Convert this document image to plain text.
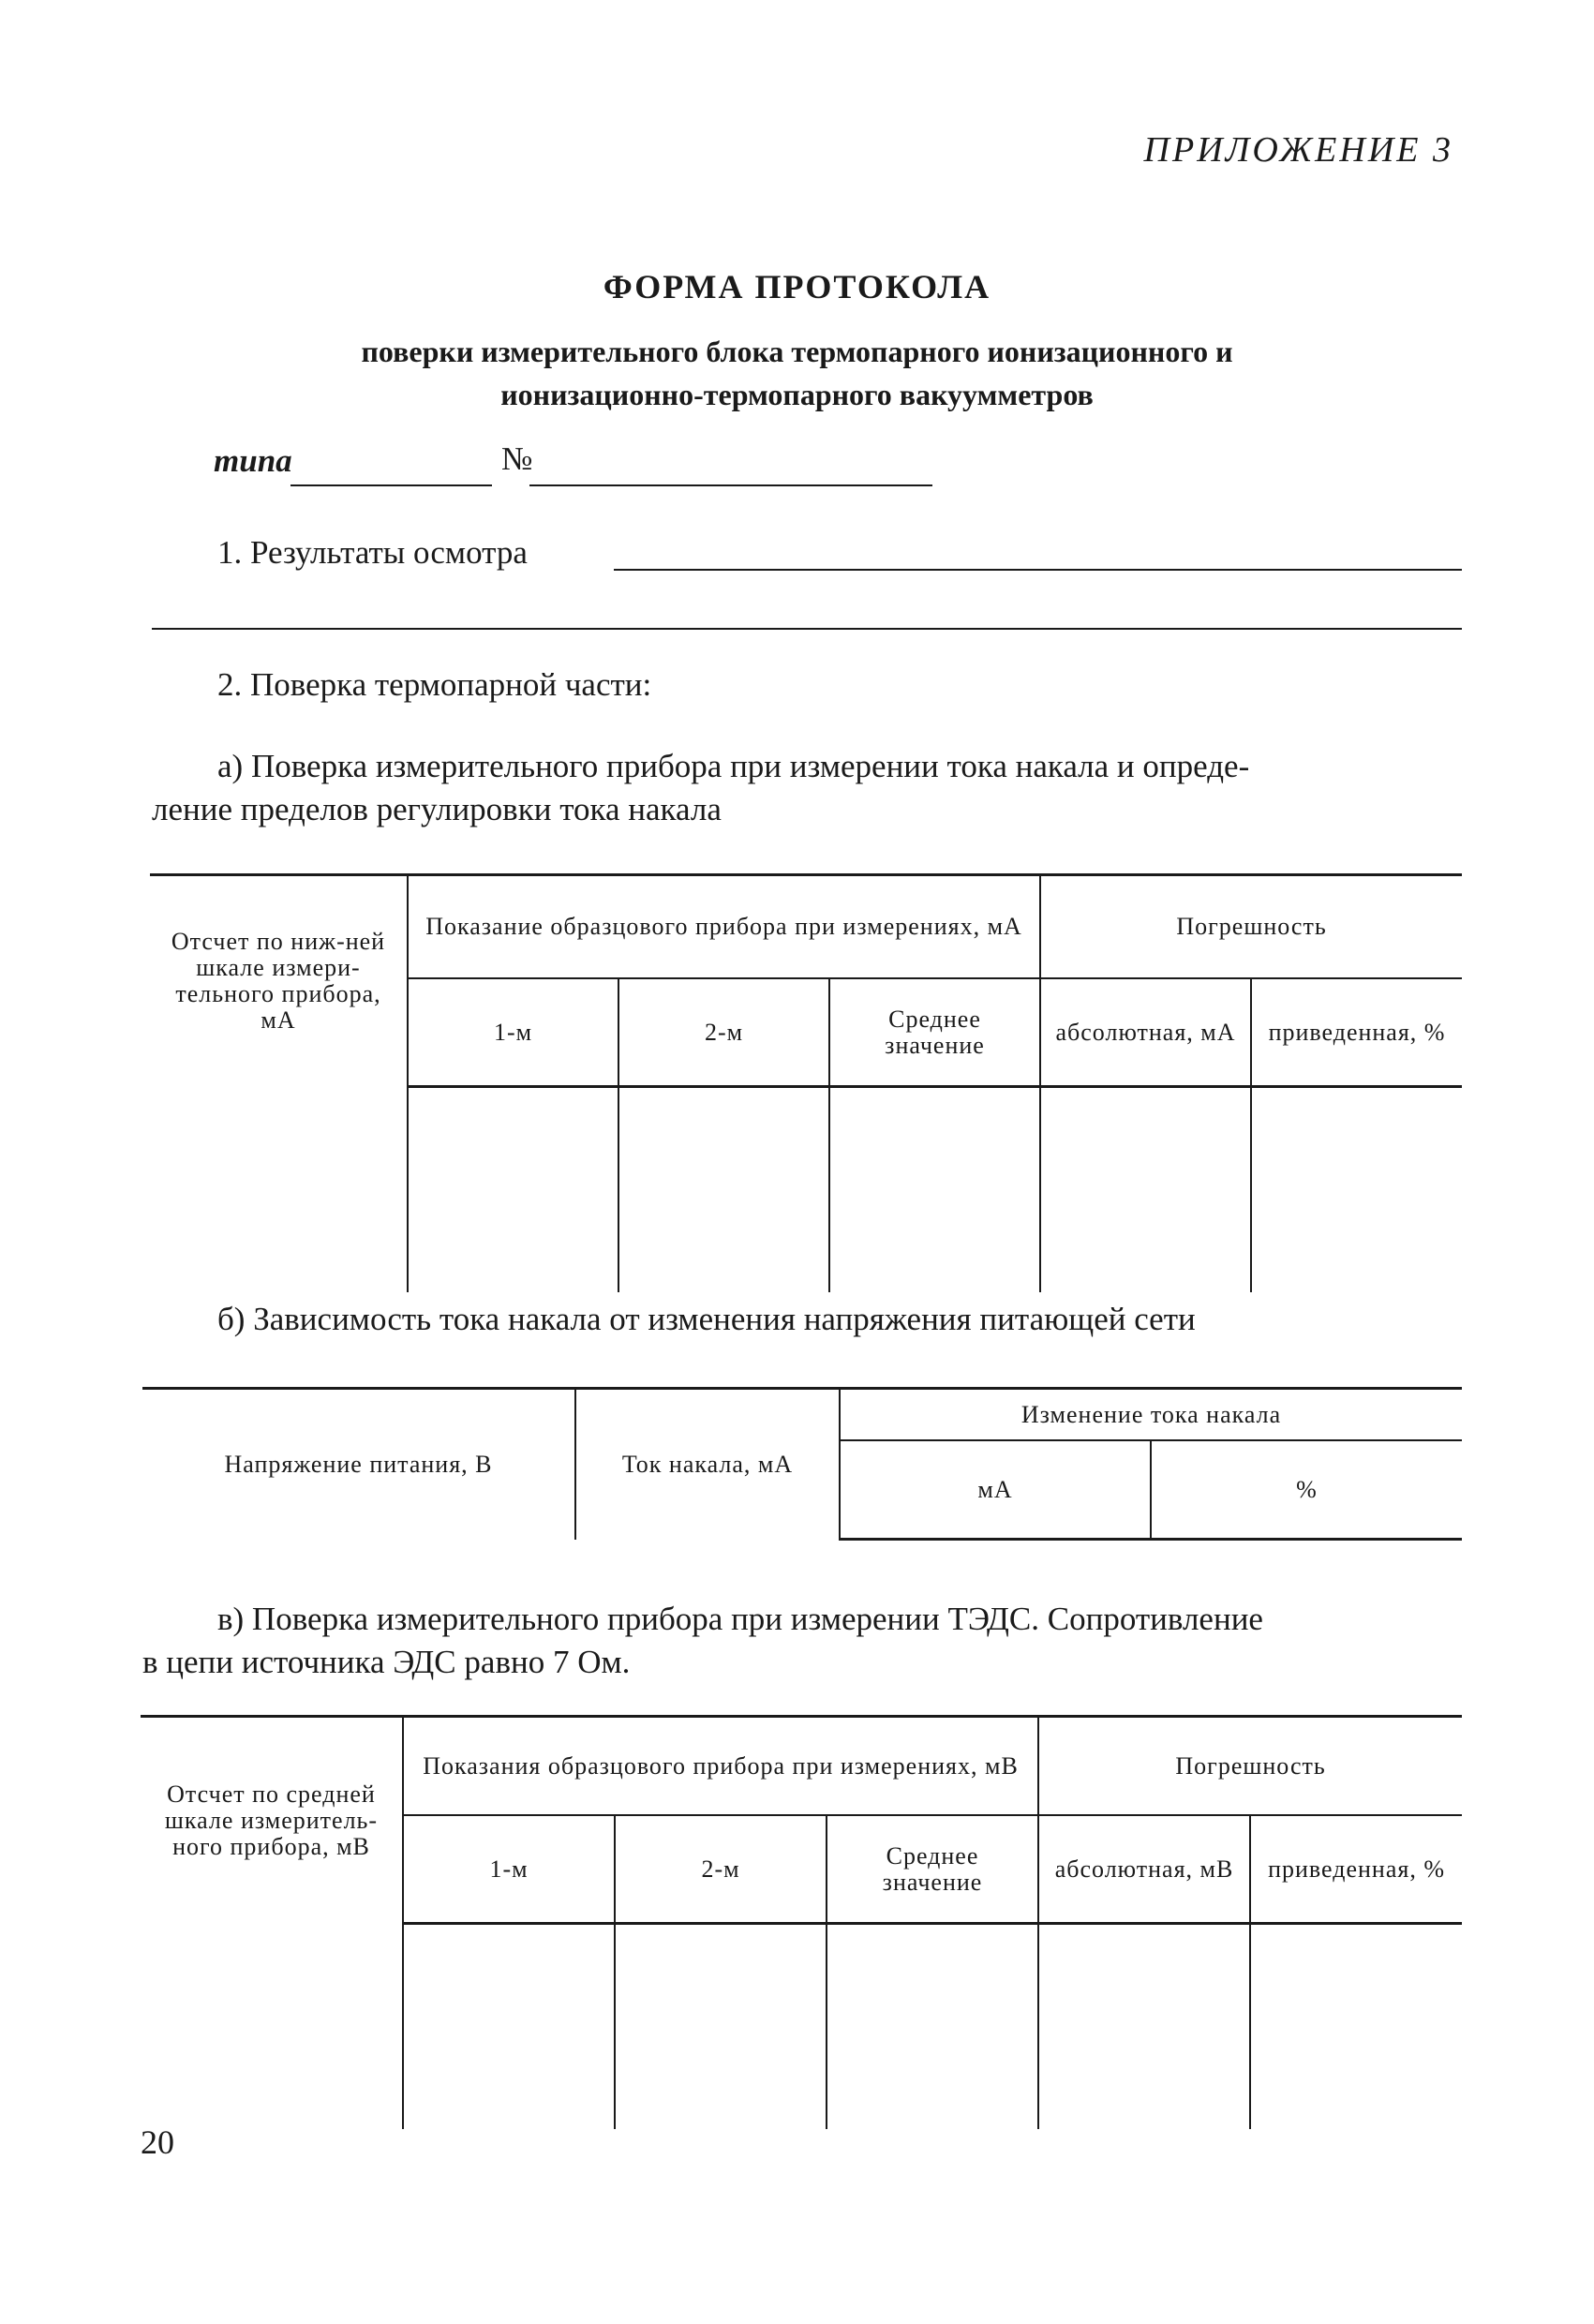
ПРИЛОЖЕНИЕ 3
ФОРМА ПРОТОКОЛА
поверки измерительного блока термопарного ионизационного и
ионизационно-термопарного вакуумметров
типа	№
1. Результаты осмотра
2. Поверка термопарной части:
а) Поверка измерительного прибора при измерении тока накала и опреде-
ление пределов регулировки тока накала
Отсчет по ниж-ней шкале измери-тельного прибора, мА	Показание образцового прибора при измерениях, мА			Погрешность	
	1-м	2-м	Среднее значение	абсолютная, мА	приведенная, %

б) Зависимость тока накала от изменения напряжения питающей сети
Напряжение питания, В	Ток накала, мА	Изменение тока накала	
		мА	%
в) Поверка измерительного прибора при измерении ТЭДС. Сопротивление
в цепи источника ЭДС равно 7 Ом.
Отсчет по средней шкале измеритель-ного прибора, мВ	Показания образцового прибора при измерениях, мВ			Погрешность	
	1-м	2-м	Среднее значение	абсолютная, мВ	приведенная, %

20
